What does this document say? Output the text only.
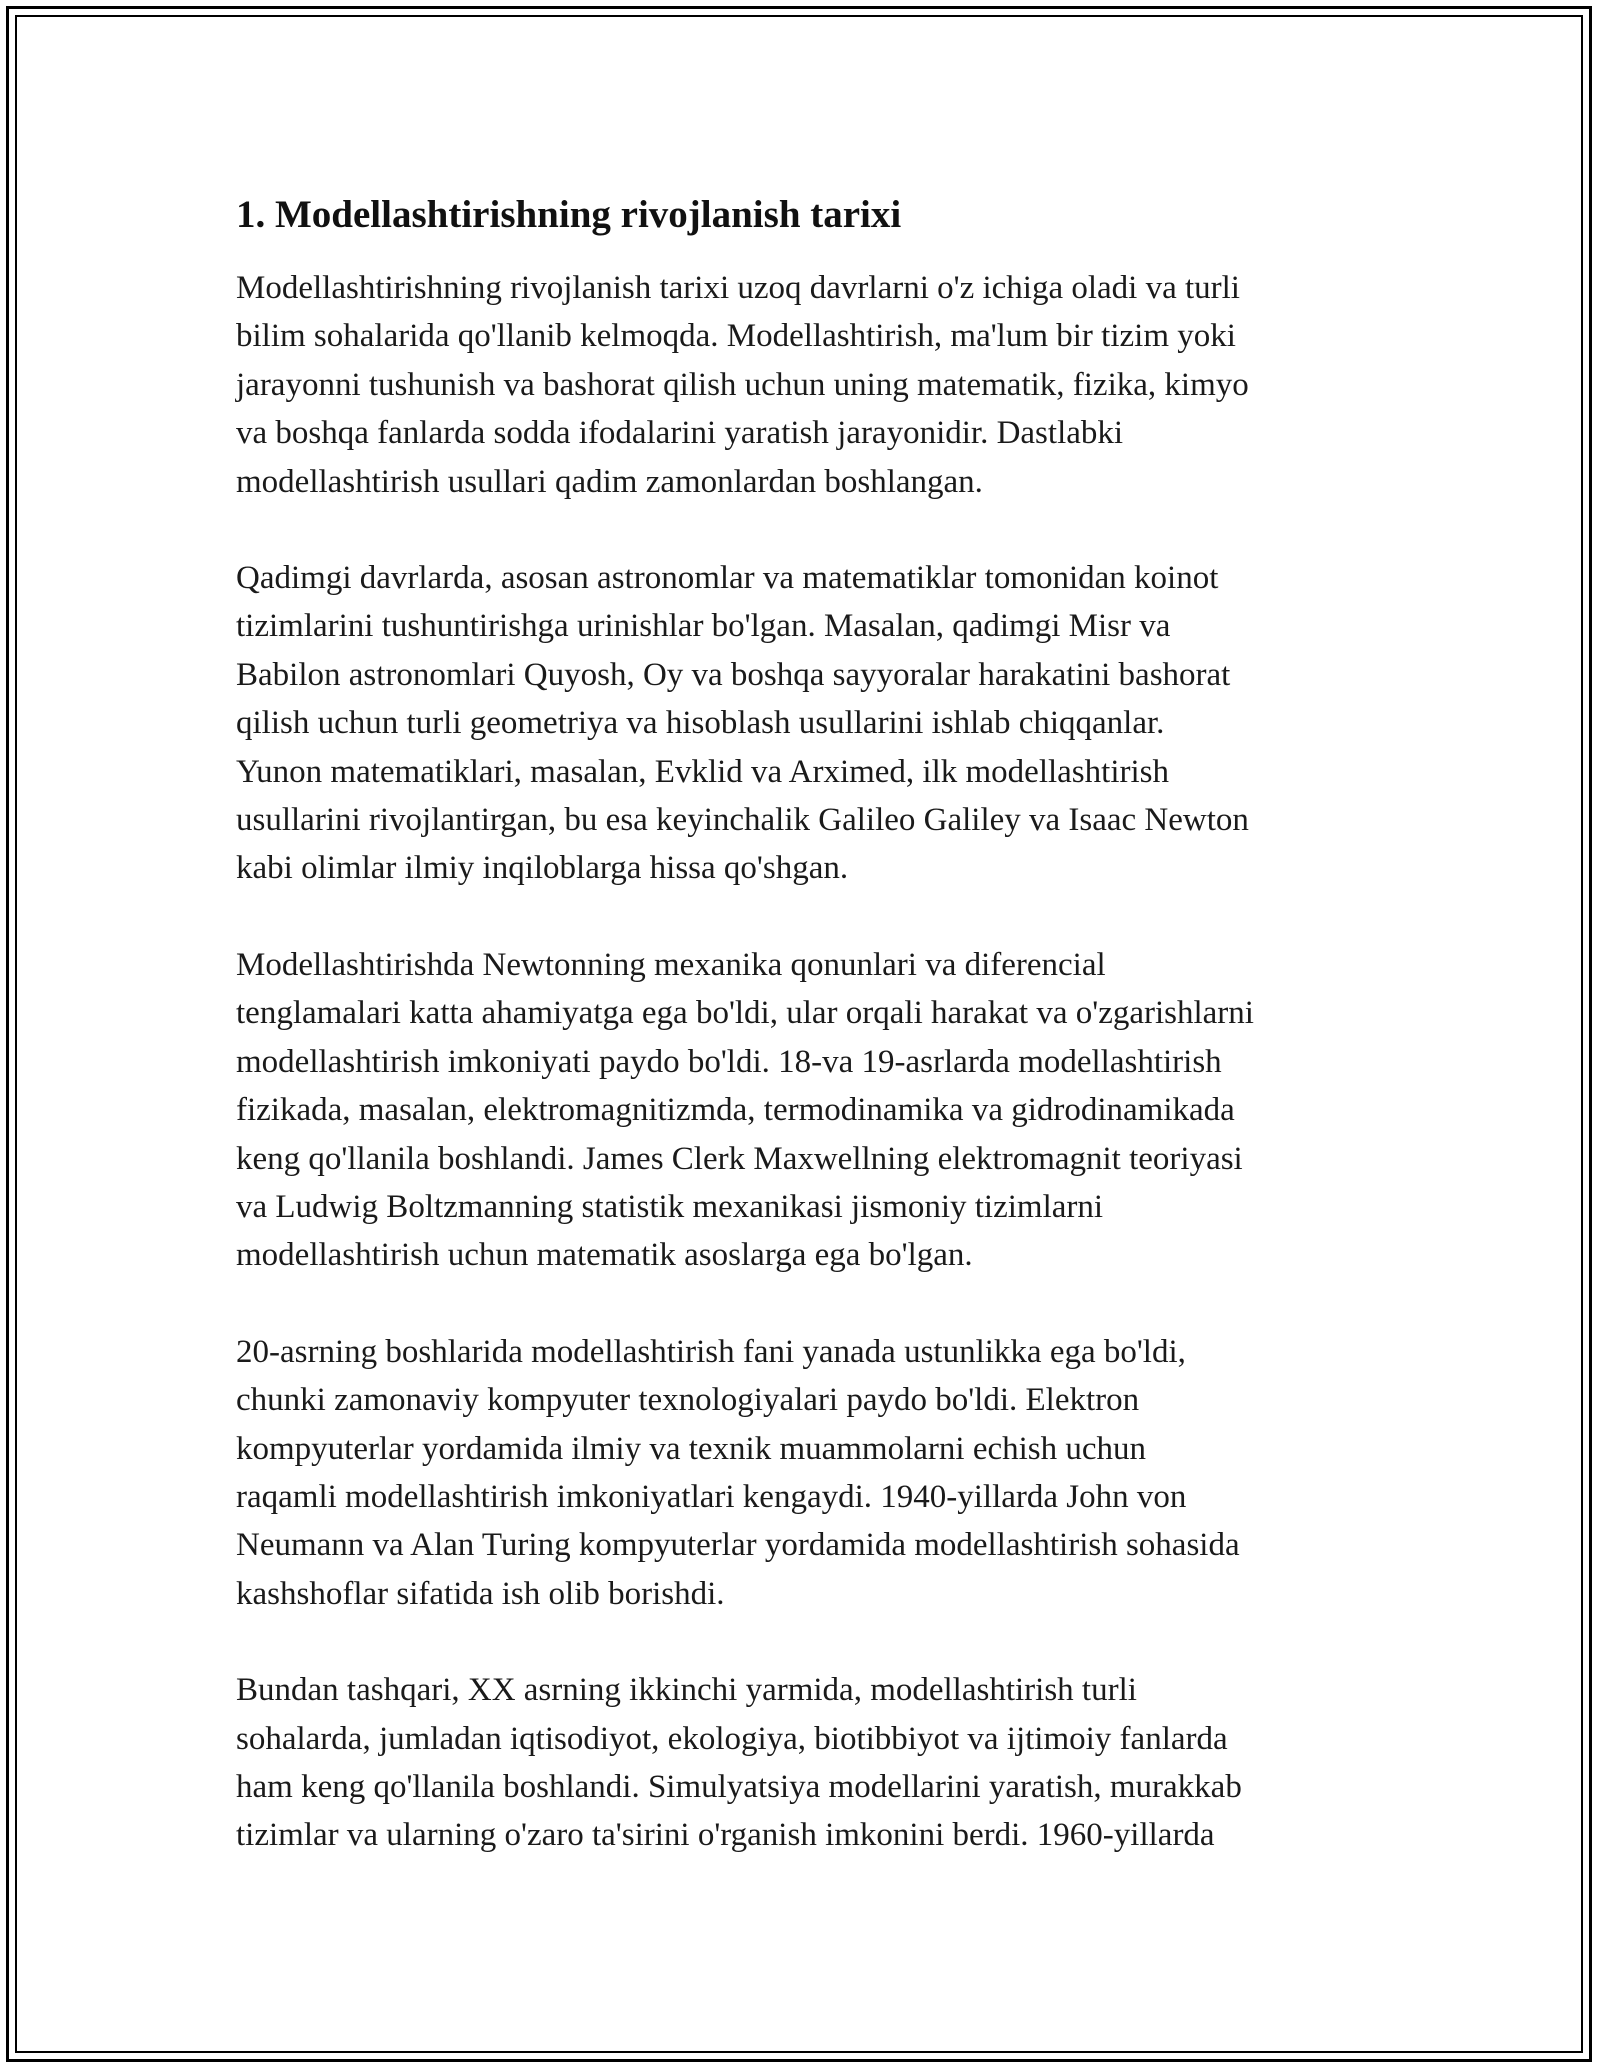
1. Modellashtirishning rivojlanish tarixi

Modellashtirishning rivojlanish tarixi uzoq davrlarni o'z ichiga oladi va turli
bilim sohalarida qo'llanib kelmoqda. Modellashtirish, ma'lum bir tizim yoki
jarayonni tushunish va bashorat qilish uchun uning matematik, fizika, kimyo
va boshqa fanlarda sodda ifodalarini yaratish jarayonidir. Dastlabki
modellashtirish usullari qadim zamonlardan boshlangan.

Qadimgi davrlarda, asosan astronomlar va matematiklar tomonidan koinot
tizimlarini tushuntirishga urinishlar bo'lgan. Masalan, qadimgi Misr va
Babilon astronomlari Quyosh, Oy va boshqa sayyoralar harakatini bashorat
qilish uchun turli geometriya va hisoblash usullarini ishlab chiqqanlar.
Yunon matematiklari, masalan, Evklid va Arximed, ilk modellashtirish
usullarini rivojlantirgan, bu esa keyinchalik Galileo Galiley va Isaac Newton
kabi olimlar ilmiy inqiloblarga hissa qo'shgan.

Modellashtirishda Newtonning mexanika qonunlari va diferencial
tenglamalari katta ahamiyatga ega bo'ldi, ular orqali harakat va o'zgarishlarni
modellashtirish imkoniyati paydo bo'ldi. 18-va 19-asrlarda modellashtirish
fizikada, masalan, elektromagnitizmda, termodinamika va gidrodinamikada
keng qo'llanila boshlandi. James Clerk Maxwellning elektromagnit teoriyasi
va Ludwig Boltzmanning statistik mexanikasi jismoniy tizimlarni
modellashtirish uchun matematik asoslarga ega bo'lgan.

20-asrning boshlarida modellashtirish fani yanada ustunlikka ega bo'ldi,
chunki zamonaviy kompyuter texnologiyalari paydo bo'ldi. Elektron
kompyuterlar yordamida ilmiy va texnik muammolarni echish uchun
raqamli modellashtirish imkoniyatlari kengaydi. 1940-yillarda John von
Neumann va Alan Turing kompyuterlar yordamida modellashtirish sohasida
kashshoflar sifatida ish olib borishdi.

Bundan tashqari, XX asrning ikkinchi yarmida, modellashtirish turli
sohalarda, jumladan iqtisodiyot, ekologiya, biotibbiyot va ijtimoiy fanlarda
ham keng qo'llanila boshlandi. Simulyatsiya modellarini yaratish, murakkab
tizimlar va ularning o'zaro ta'sirini o'rganish imkonini berdi. 1960-yillarda
